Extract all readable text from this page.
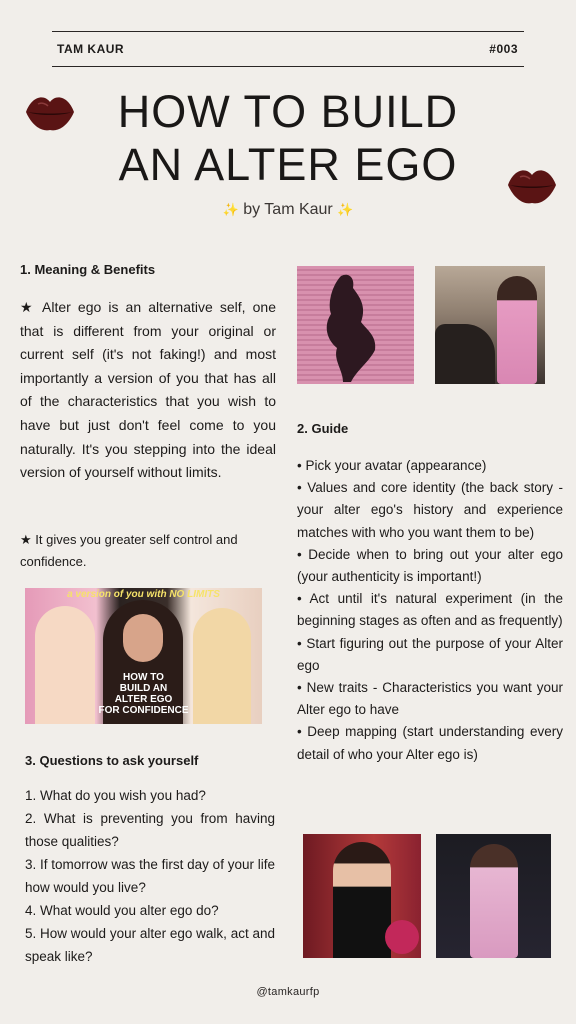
TAM KAUR	#003
HOW TO BUILD
AN ALTER EGO
✨ by Tam Kaur ✨
1. Meaning & Benefits
★ Alter ego is an alternative self, one that is different from your original or current self (it's not faking!) and most importantly a version of you that has all of the characteristics that you wish to have but just don't feel come to you naturally. It's you stepping into the ideal version of yourself without limits.
★ It gives you greater self control and confidence.
a version of you with NO LIMITS
HOW TO
BUILD AN
ALTER EGO
FOR CONFIDENCE
3. Questions to ask yourself
1. What do you wish you had?
2. What is preventing you from having those qualities?
3. If tomorrow was the first day of your life how would you live?
4. What would you alter ego do?
5. How would your alter ego walk, act and speak like?
2. Guide
• Pick your avatar (appearance)
• Values and core identity (the back story - your alter ego's history and experience matches with who you want them to be)
• Decide when to bring out your alter ego (your authenticity is important!)
• Act until it's natural experiment (in the beginning stages as often and as frequently)
• Start figuring out the purpose of your Alter ego
• New traits - Characteristics you want your Alter ego to have
• Deep mapping (start understanding every detail of who your Alter ego is)
@tamkaurfp
